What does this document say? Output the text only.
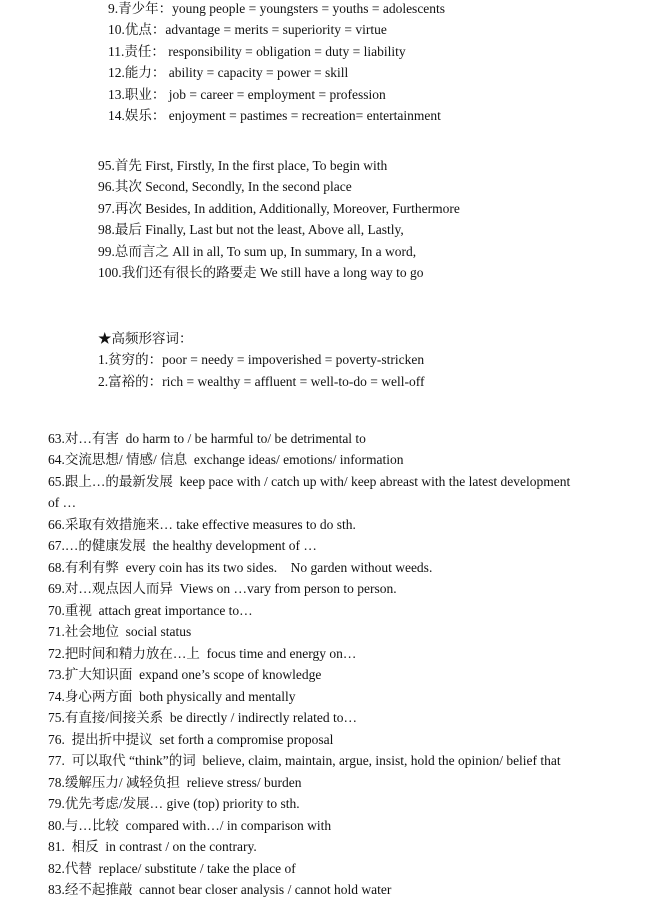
9.青少年：young people = youngsters = youths = adolescents
10.优点：advantage = merits = superiority = virtue
11.责任： responsibility = obligation = duty = liability
12.能力： ability = capacity = power = skill
13.职业： job = career = employment = profession
14.娱乐： enjoyment = pastimes = recreation= entertainment
95.首先 First, Firstly, In the first place, To begin with
96.其次 Second, Secondly, In the second place
97.再次 Besides, In addition, Additionally, Moreover, Furthermore
98.最后 Finally, Last but not the least, Above all, Lastly,
99.总而言之 All in all, To sum up, In summary, In a word,
100.我们还有很长的路要走 We still have a long way to go
★高频形容词：
1.贫穷的：poor = needy = impoverished = poverty-stricken
2.富裕的：rich = wealthy = affluent = well-to-do = well-off
63.对…有害 do harm to / be harmful to/ be detrimental to
64.交流思想/ 情感/ 信息 exchange ideas/ emotions/ information
65.跟上…的最新发展 keep pace with / catch up with/ keep abreast with the latest development
of …
66.采取有效措施来… take effective measures to do sth.
67.…的健康发展 the healthy development of …
68.有利有弊 every coin has its two sides.    No garden without weeds.
69.对…观点因人而异 Views on …vary from person to person.
70.重视 attach great importance to…
71.社会地位 social status
72.把时间和精力放在…上 focus time and energy on…
73.扩大知识面 expand one’s scope of knowledge
74.身心两方面 both physically and mentally
75.有直接/间接关系 be directly / indirectly related to…
76. 提出折中提议 set forth a compromise proposal
77. 可以取代 “think”的词 believe, claim, maintain, argue, insist, hold the opinion/ belief that
78.缓解压力/ 减轻负担 relieve stress/ burden
79.优先考虑/发展… give (top) priority to sth.
80.与…比较 compared with…/ in comparison with
81. 相反 in contrast / on the contrary.
82.代替 replace/ substitute / take the place of
83.经不起推敲 cannot bear closer analysis / cannot hold water
